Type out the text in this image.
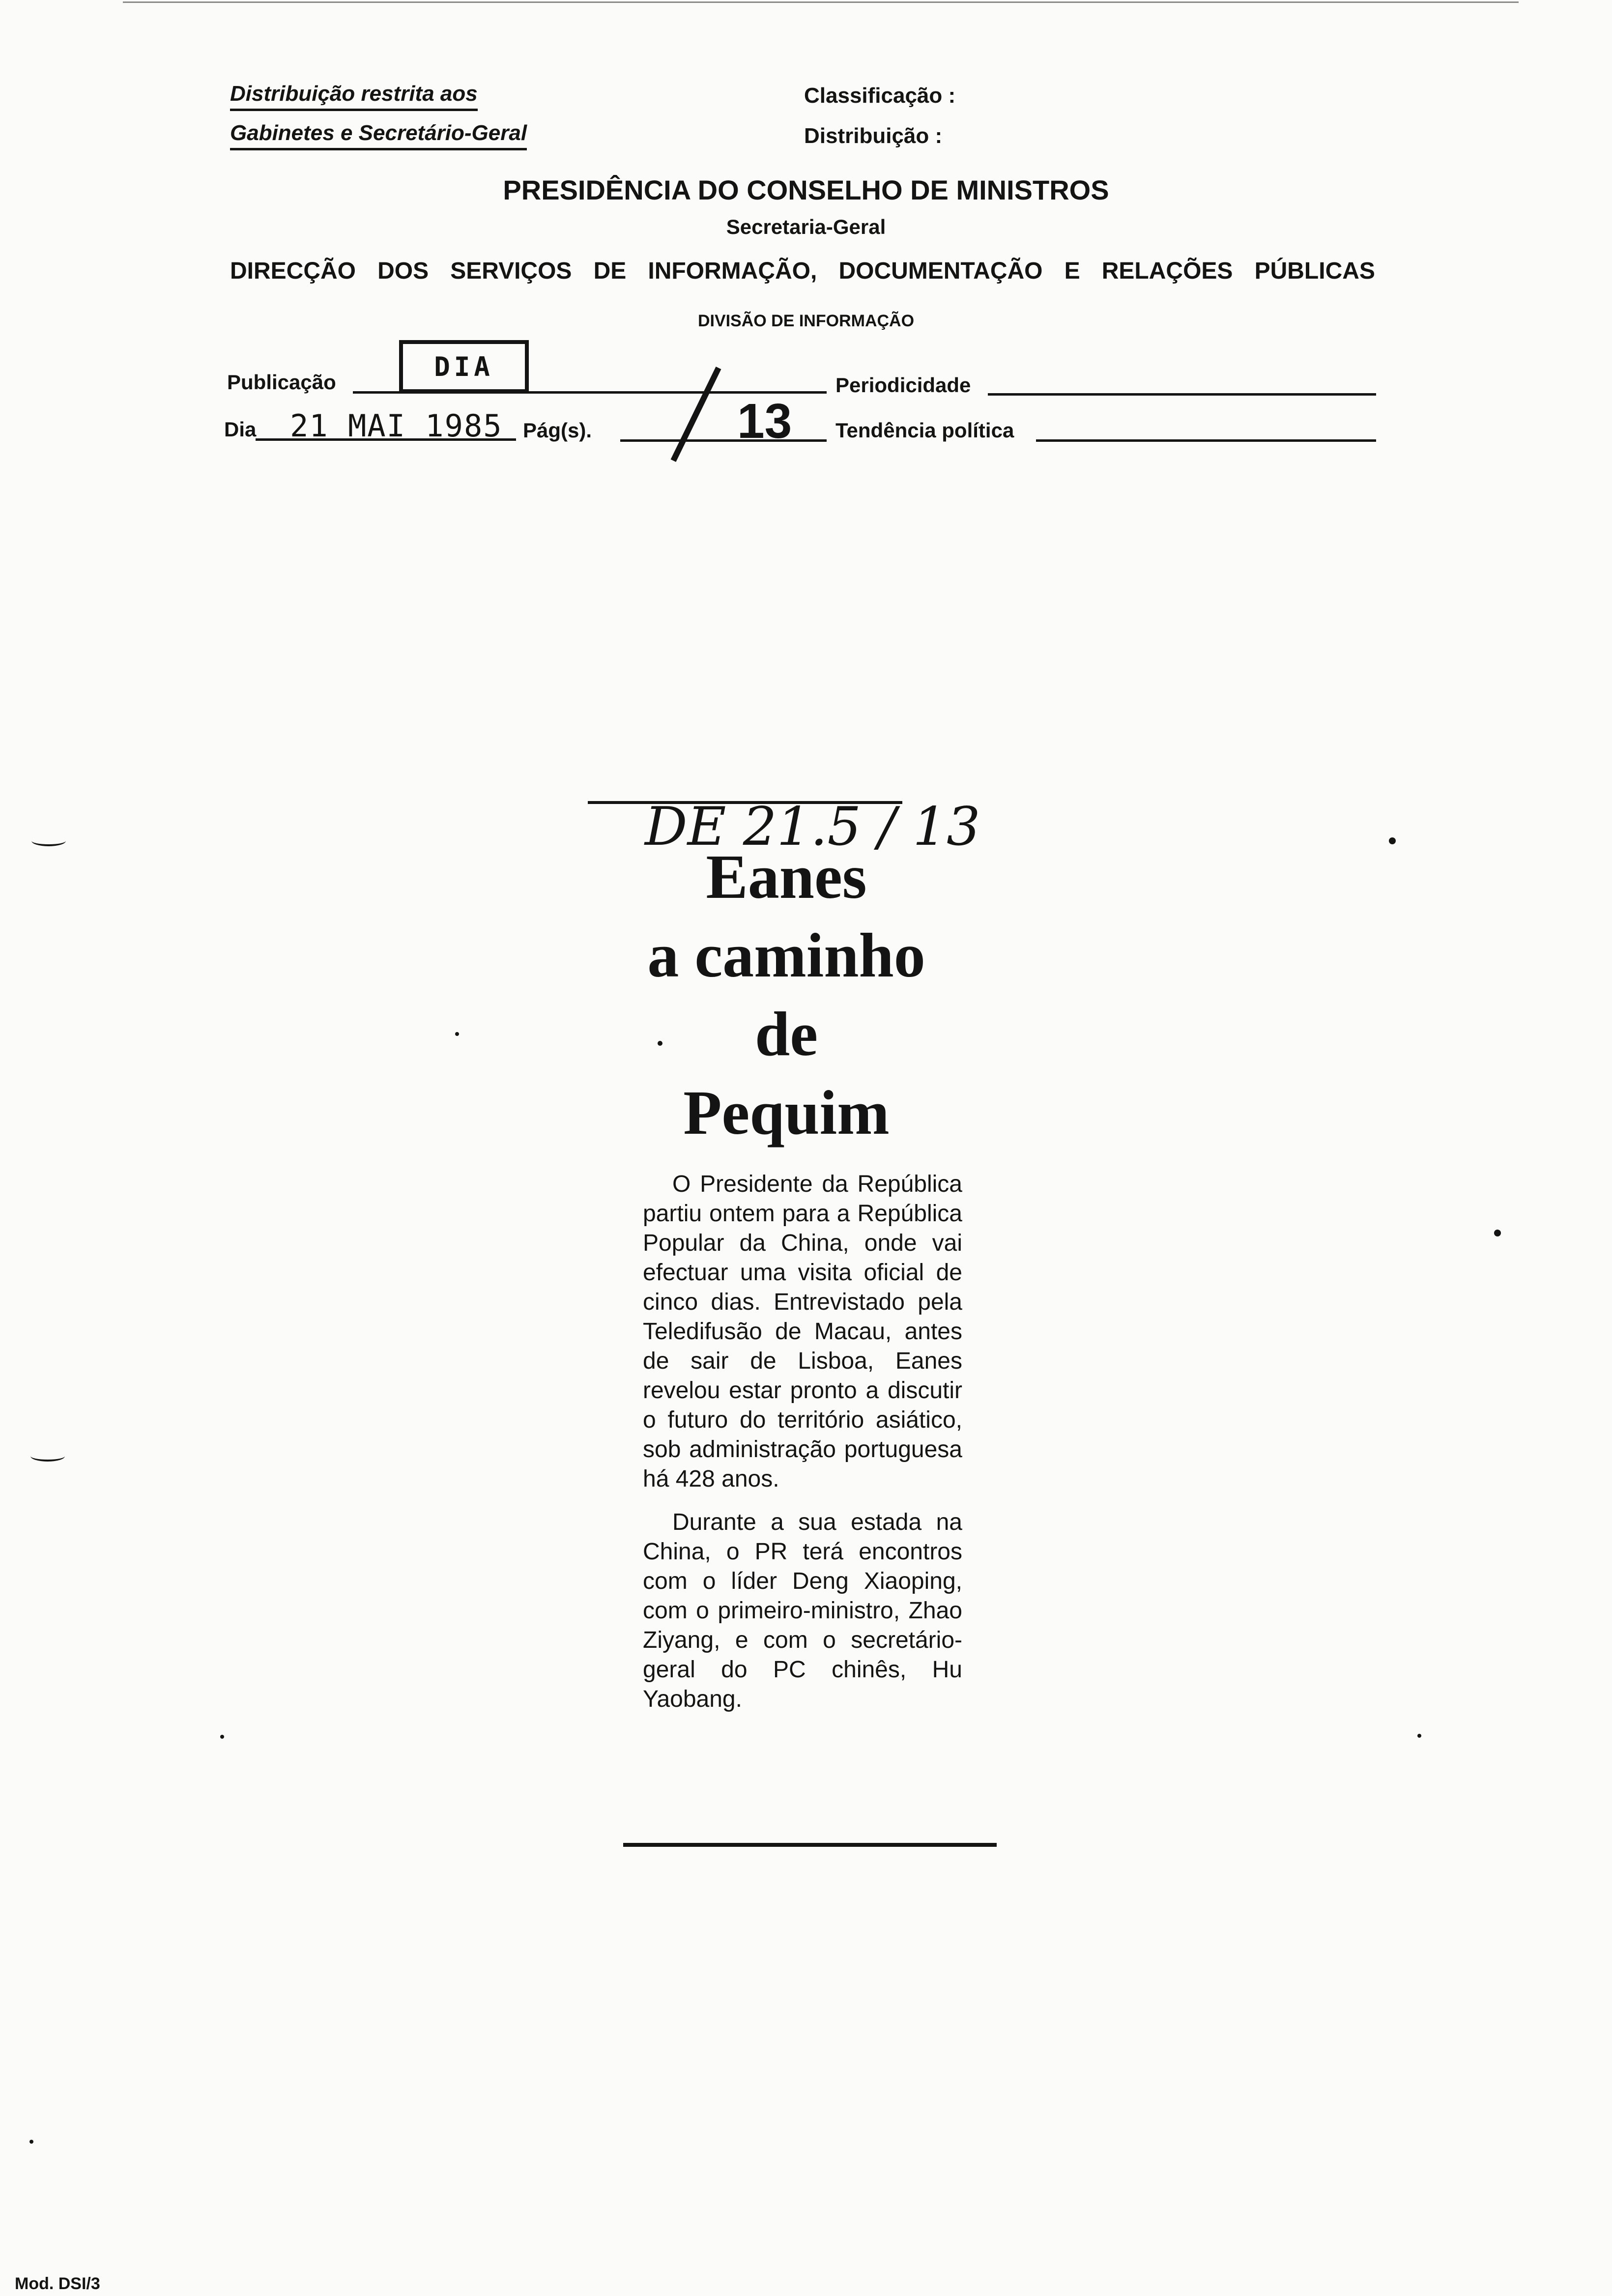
Distribuição restrita aos
Gabinetes e Secretário-Geral
Classificação :
Distribuição :
PRESIDÊNCIA DO CONSELHO DE MINISTROS
Secretaria-Geral
DIRECÇÃO DOS SERVIÇOS DE INFORMAÇÃO, DOCUMENTAÇÃO E RELAÇÕES PÚBLICAS
DIVISÃO DE INFORMAÇÃO
Publicação	DIA
Periodicidade
Dia 21 MAI 1985 Pág(s).	13 Tendência política
DE 21.5 / 13
Eanes
a caminho
de
Pequim

O Presidente da República partiu ontem para a República Popular da China, onde vai efectuar uma visita oficial de cinco dias. Entrevistado pela Teledifusão de Macau, antes de sair de Lisboa, Eanes revelou estar pronto a discutir o futuro do território asiático, sob administração portuguesa há 428 anos.

Durante a sua estada na China, o PR terá encontros com o líder Deng Xiaoping, com o primeiro-ministro, Zhao Ziyang, e com o secretário-geral do PC chinês, Hu Yaobang.

Mod. DSI/3
